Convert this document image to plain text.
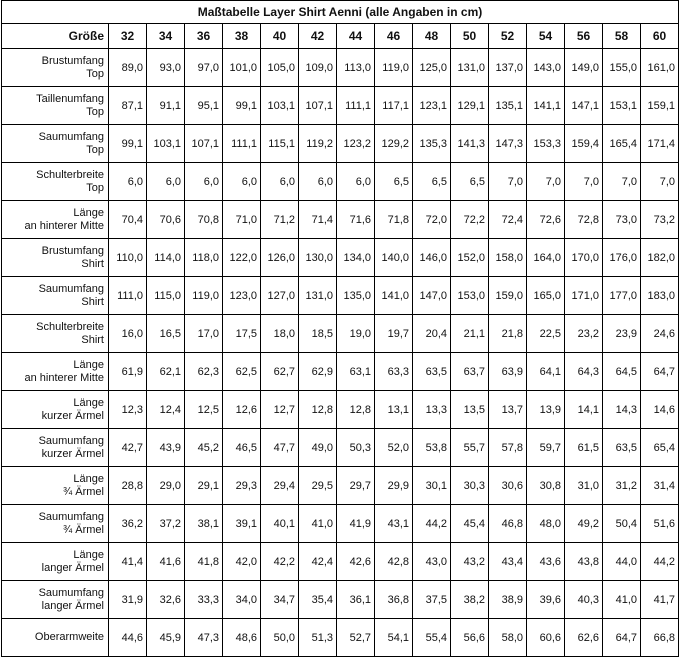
Maßtabelle Layer Shirt Aenni (alle Angaben in cm)																
Größe	32	34	36	38	40	42	44	46	48	50	52	54	56	58	60	

Brustumfang
Top	89,0	93,0	97,0	101,0	105,0	109,0	113,0	119,0	125,0	131,0	137,0	143,0	149,0	155,0	161,0	

Taillenumfang
Top	87,1	91,1	95,1	99,1	103,1	107,1	111,1	117,1	123,1	129,1	135,1	141,1	147,1	153,1	159,1	

Saumumfang
Top	99,1	103,1	107,1	111,1	115,1	119,2	123,2	129,2	135,3	141,3	147,3	153,3	159,4	165,4	171,4	

Schulterbreite
Top	6,0	6,0	6,0	6,0	6,0	6,0	6,0	6,5	6,5	6,5	7,0	7,0	7,0	7,0	7,0	

Länge
an hinterer Mitte	70,4	70,6	70,8	71,0	71,2	71,4	71,6	71,8	72,0	72,2	72,4	72,6	72,8	73,0	73,2	

Brustumfang
Shirt	110,0	114,0	118,0	122,0	126,0	130,0	134,0	140,0	146,0	152,0	158,0	164,0	170,0	176,0	182,0	

Saumumfang
Shirt	111,0	115,0	119,0	123,0	127,0	131,0	135,0	141,0	147,0	153,0	159,0	165,0	171,0	177,0	183,0	

Schulterbreite
Shirt	16,0	16,5	17,0	17,5	18,0	18,5	19,0	19,7	20,4	21,1	21,8	22,5	23,2	23,9	24,6	

Länge
an hinterer Mitte	61,9	62,1	62,3	62,5	62,7	62,9	63,1	63,3	63,5	63,7	63,9	64,1	64,3	64,5	64,7	

Länge
kurzer Ärmel	12,3	12,4	12,5	12,6	12,7	12,8	12,8	13,1	13,3	13,5	13,7	13,9	14,1	14,3	14,6	

Saumumfang
kurzer Ärmel	42,7	43,9	45,2	46,5	47,7	49,0	50,3	52,0	53,8	55,7	57,8	59,7	61,5	63,5	65,4	

Länge
¾ Ärmel	28,8	29,0	29,1	29,3	29,4	29,5	29,7	29,9	30,1	30,3	30,6	30,8	31,0	31,2	31,4	

Saumumfang
¾ Ärmel	36,2	37,2	38,1	39,1	40,1	41,0	41,9	43,1	44,2	45,4	46,8	48,0	49,2	50,4	51,6	

Länge
langer Ärmel	41,4	41,6	41,8	42,0	42,2	42,4	42,6	42,8	43,0	43,2	43,4	43,6	43,8	44,0	44,2	

Saumumfang
langer Ärmel	31,9	32,6	33,3	34,0	34,7	35,4	36,1	36,8	37,5	38,2	38,9	39,6	40,3	41,0	41,7	

Oberarmweite	44,6	45,9	47,3	48,6	50,0	51,3	52,7	54,1	55,4	56,6	58,0	60,6	62,6	64,7	66,8	
